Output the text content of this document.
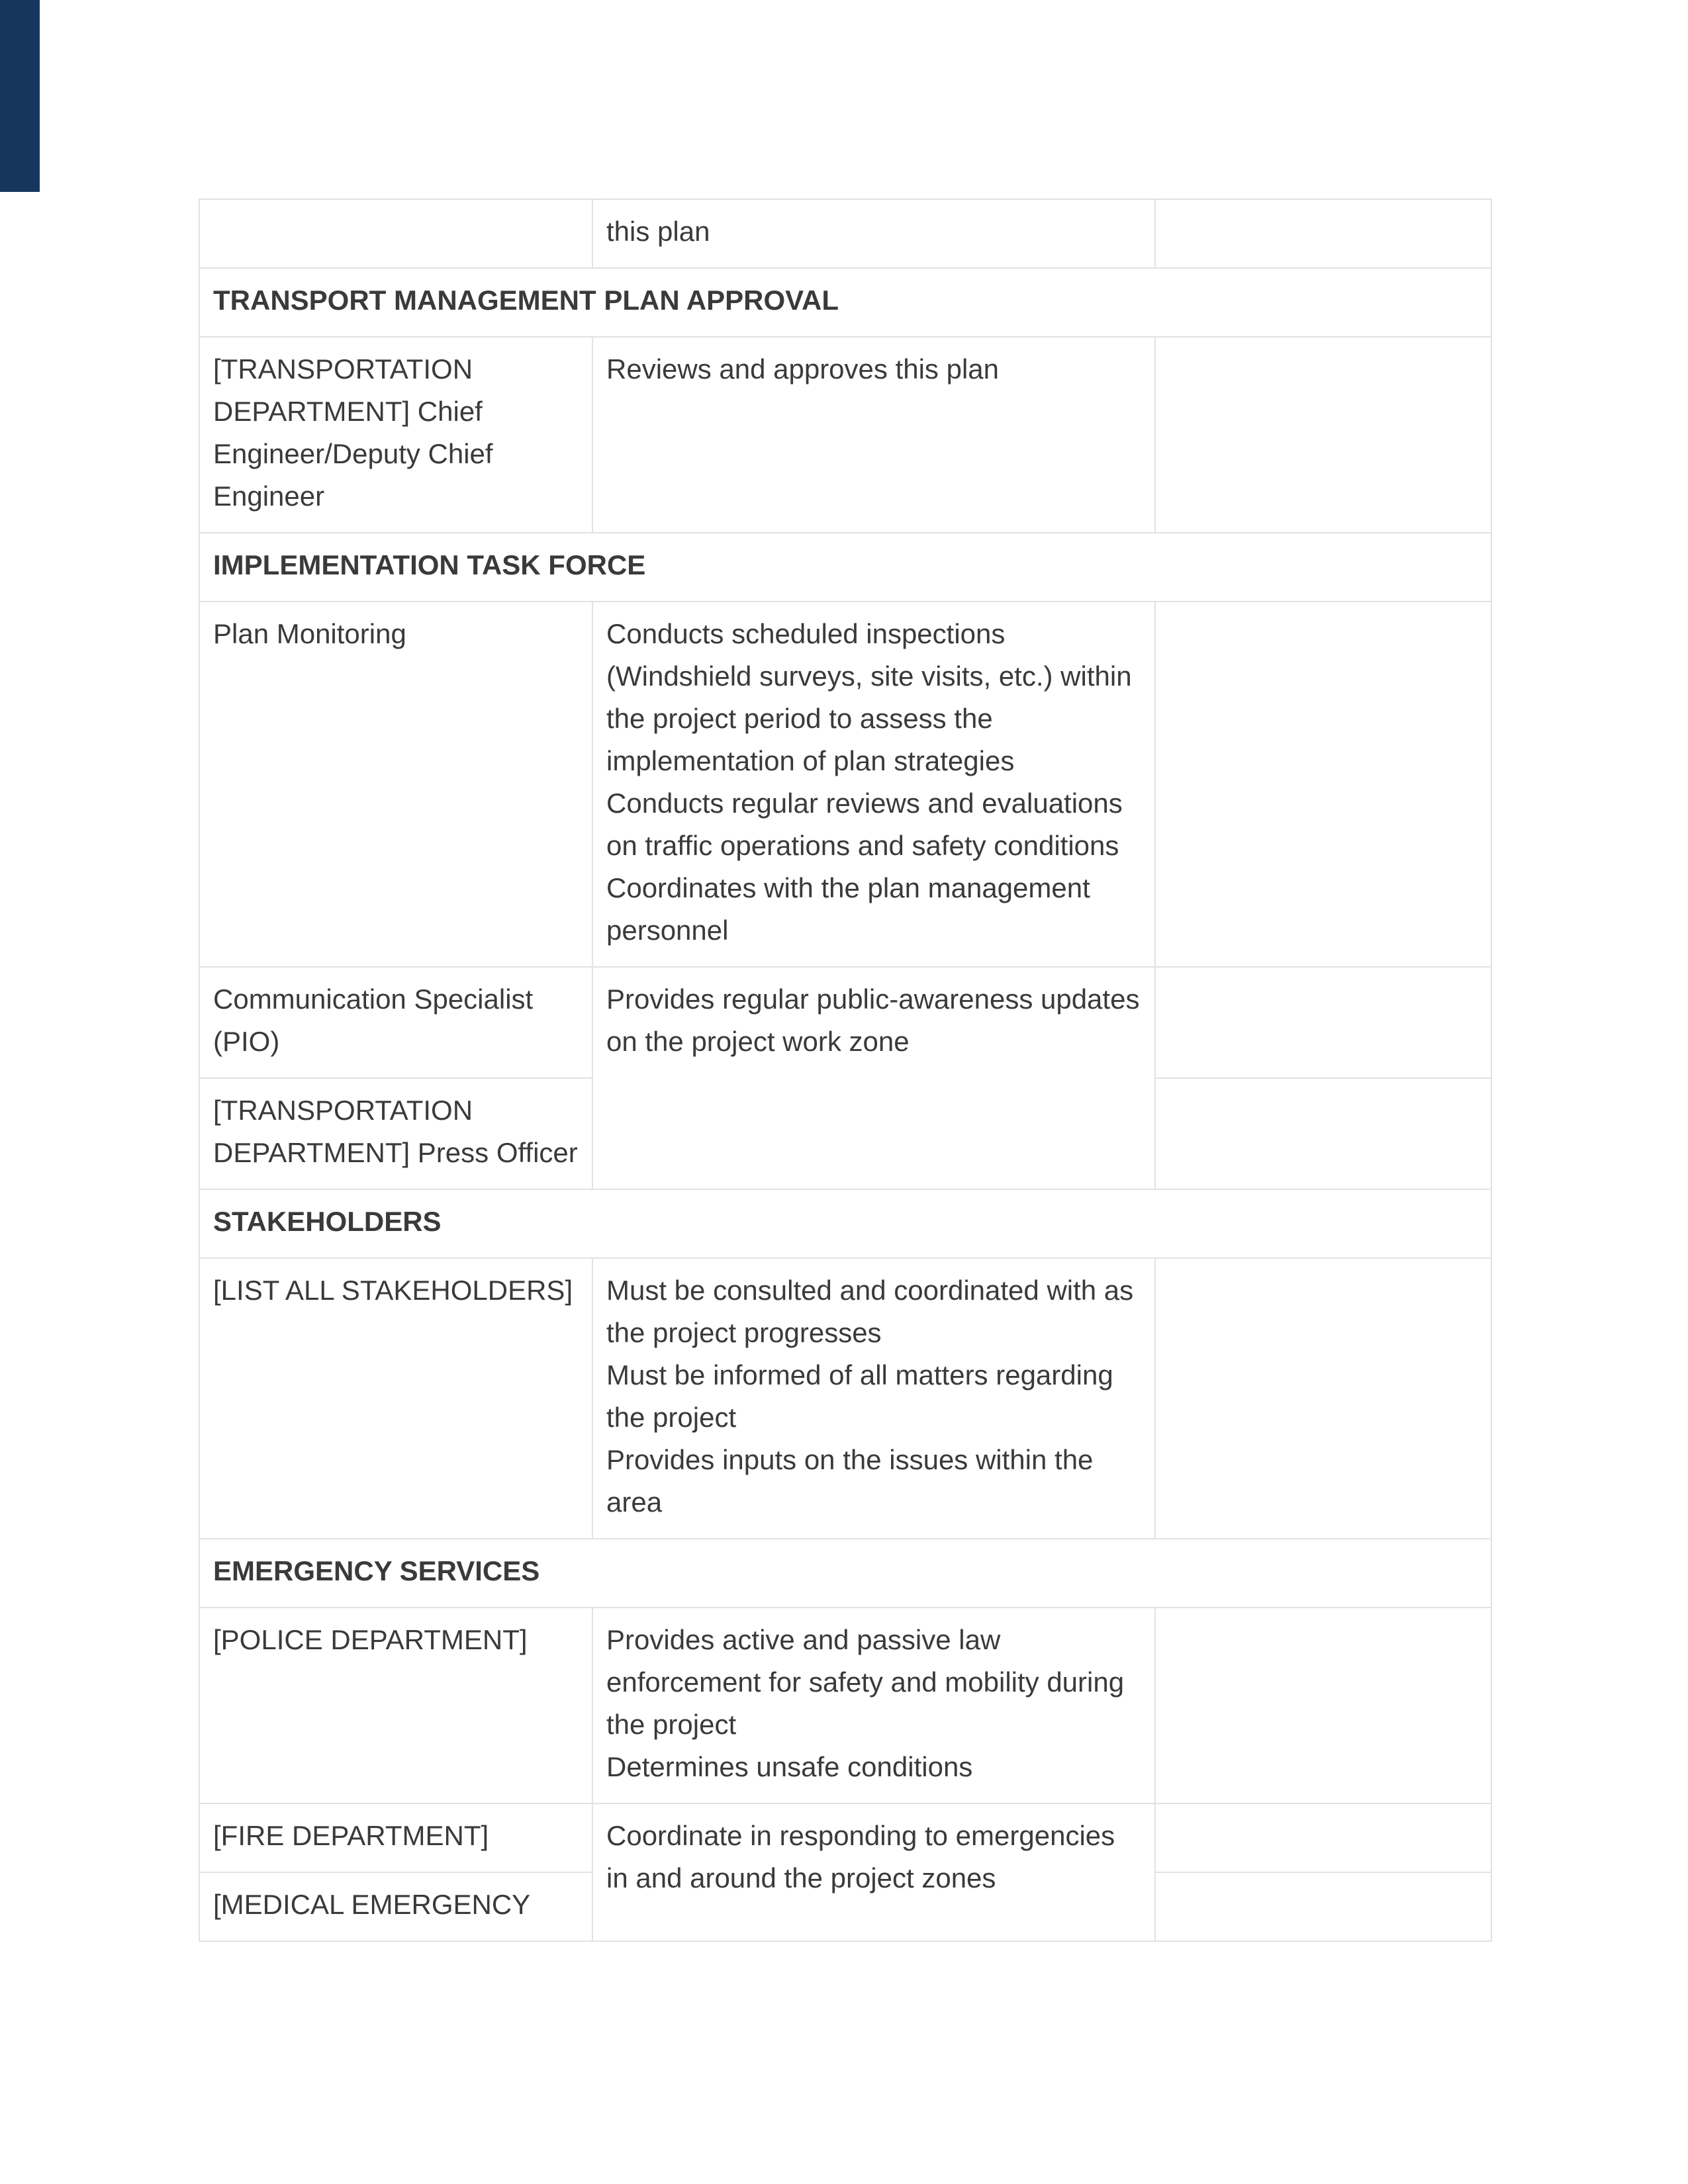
	this plan	
TRANSPORT MANAGEMENT PLAN APPROVAL		
[TRANSPORTATION DEPARTMENT] Chief Engineer/Deputy Chief Engineer	Reviews and approves this plan	
IMPLEMENTATION TASK FORCE		
Plan Monitoring	Conducts scheduled inspections (Windshield surveys, site visits, etc.) within the project period to assess the implementation of plan strategies
Conducts regular reviews and evaluations on traffic operations and safety conditions
Coordinates with the plan management personnel	

Communication Specialist (PIO)	Provides regular public-awareness updates on the project work zone	
[TRANSPORTATION DEPARTMENT] Press Officer		
STAKEHOLDERS		
[LIST ALL STAKEHOLDERS]	Must be consulted and coordinated with as the project progresses
Must be informed of all matters regarding the project
Provides inputs on the issues within the area	

EMERGENCY SERVICES		
[POLICE DEPARTMENT]	Provides active and passive law enforcement for safety and mobility during the project
Determines unsafe conditions	

[FIRE DEPARTMENT]	Coordinate in responding to emergencies in and around the project zones	
[MEDICAL EMERGENCY		
